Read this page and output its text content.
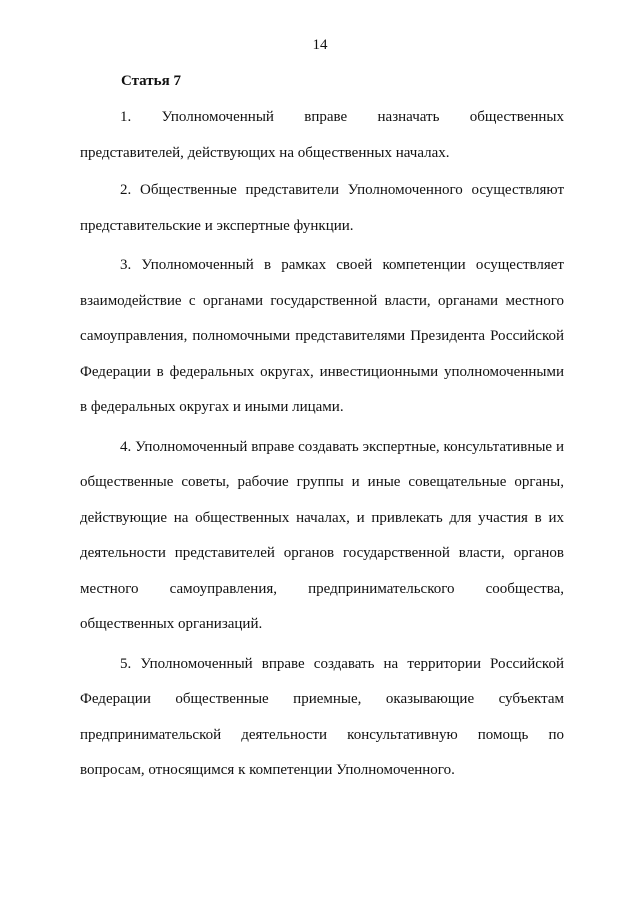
14
Статья 7

1. Уполномоченный вправе назначать общественных представителей, действующих на общественных началах.

2. Общественные представители Уполномоченного осуществляют представительские и экспертные функции.

3. Уполномоченный в рамках своей компетенции осуществляет взаимодействие с органами государственной власти, органами местного самоуправления, полномочными представителями Президента Российской Федерации в федеральных округах, инвестиционными уполномоченными в федеральных округах и иными лицами.

4. Уполномоченный вправе создавать экспертные, консультативные и общественные советы, рабочие группы и иные совещательные органы, действующие на общественных началах, и привлекать для участия в их деятельности представителей органов государственной власти, органов местного самоуправления, предпринимательского сообщества, общественных организаций.

5. Уполномоченный вправе создавать на территории Российской Федерации общественные приемные, оказывающие субъектам предпринимательской деятельности консультативную помощь по вопросам, относящимся к компетенции Уполномоченного.
